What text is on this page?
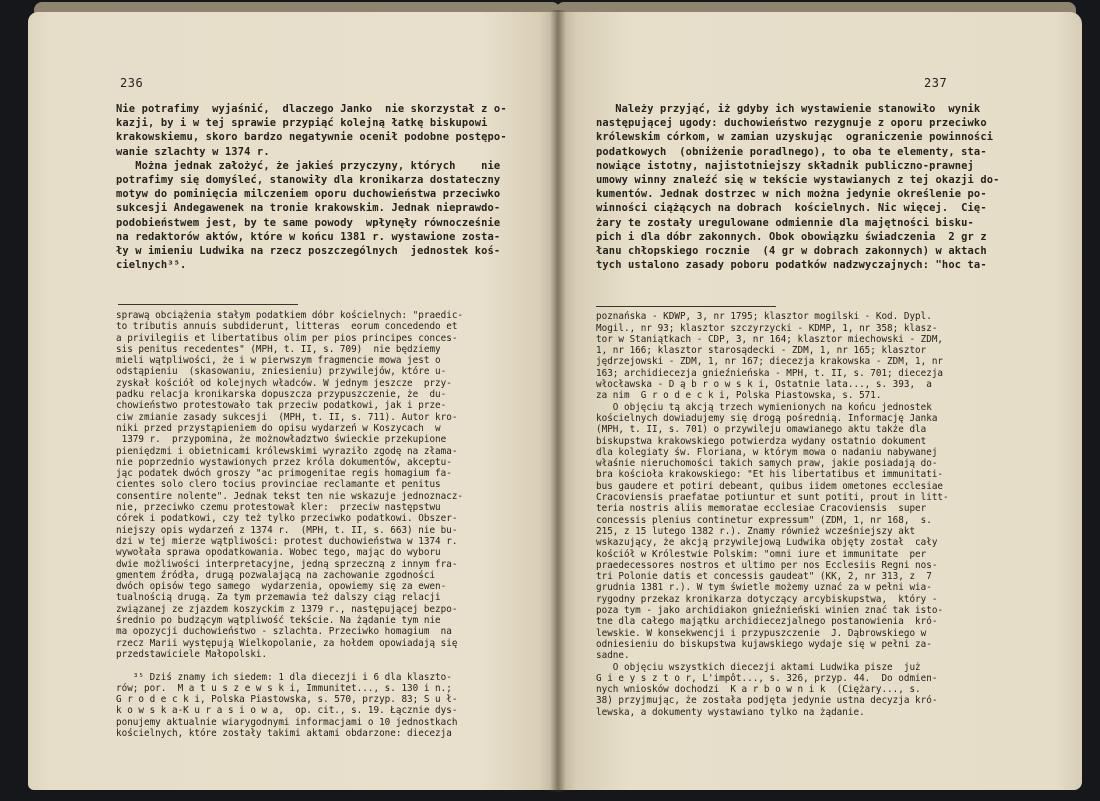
236
Nie potrafimy  wyjaśnić,  dlaczego Janko  nie skorzystał z o-
kazji, by i w tej sprawie przypiąć kolejną łatkę biskupowi
krakowskiemu, skoro bardzo negatywnie ocenił podobne postępo-
wanie szlachty w 1374 r.
Można jednak założyć, że jakieś przyczyny, których    nie
potrafimy się domyśleć, stanowiły dla kronikarza dostateczny
motyw do pominięcia milczeniem oporu duchowieństwa przeciwko
sukcesji Andegawenek na tronie krakowskim. Jednak nieprawdo-
podobieństwem jest, by te same powody  wpłynęły równocześnie
na redaktorów aktów, które w końcu 1381 r. wystawione zosta-
ły w imieniu Ludwika na rzecz poszczególnych  jednostek koś-
cielnych³⁵.
sprawą obciążenia stałym podatkiem dóbr kościelnych: "praedic-
to tributis annuis subdiderunt, litteras  eorum concedendo et
a privilegiis et libertatibus olim per pios principes conces-
sis penitus recedentes" (MPH, t. II, s. 709)  nie będziemy
mieli wątpliwości, że i w pierwszym fragmencie mowa jest o
odstąpieniu  (skasowaniu, zniesieniu) przywilejów, które u-
zyskał kościół od kolejnych władców. W jednym jeszcze  przy-
padku relacja kronikarska dopuszcza przypuszczenie, że  du-
chowieństwo protestowało tak przeciw podatkowi, jak i prze-
ciw zmianie zasady sukcesji  (MPH, t. II, s. 711). Autor kro-
niki przed przystąpieniem do opisu wydarzeń w Koszycach  w
1379 r.  przypomina, że możnowładztwo świeckie przekupione
pieniędzmi i obietnicami królewskimi wyraziło zgodę na złama-
nie poprzednio wystawionych przez króla dokumentów, akceptu-
jąc podatek dwóch groszy "ac primogenitae regis homagium fa-
cientes solo clero tocius provinciae reclamante et penitus
consentire nolente". Jednak tekst ten nie wskazuje jednoznacz-
nie, przeciwko czemu protestował kler:  przeciw następstwu
córek i podatkowi, czy też tylko przeciwko podatkowi. Obszer-
niejszy opis wydarzeń z 1374 r.  (MPH, t. II, s. 663) nie bu-
dzi w tej mierze wątpliwości: protest duchowieństwa w 1374 r.
wywołała sprawa opodatkowania. Wobec tego, mając do wyboru
dwie możliwości interpretacyjne, jedną sprzeczną z innym fra-
gmentem źródła, drugą pozwalającą na zachowanie zgodności
dwóch opisów tego samego  wydarzenia, opowiemy się za ewen-
tualnością drugą. Za tym przemawia też dalszy ciąg relacji
związanej ze zjazdem koszyckim z 1379 r., następującej bezpo-
średnio po budzącym wątpliwość tekście. Na żądanie tym nie
ma opozycji duchowieństwo - szlachta. Przeciwko homagium  na
rzecz Marii występują Wielkopolanie, za hołdem opowiadają się
przedstawiciele Małopolski.

³⁵ Dziś znamy ich siedem: 1 dla diecezji i 6 dla klasztо-
rów; por.  M a t u s z e w s k i, Immunitet..., s. 130 i n.;
G r o d e c k i, Polska Piastowska, s. 570, przyp. 83; S u ł-
k o w s k a-K u r a s i o w a,  op. cit., s. 19. Łącznie dys-
ponujemy aktualnie wiarygodnymi informacjami o 10 jednostkach
kościelnych, które zostały takimi aktami obdarzone: diecezja
237
Należy przyjąć, iż gdyby ich wystawienie stanowiło  wynik
następującej ugody: duchowieństwo rezygnuje z oporu przeciwko
królewskim córkom, w zamian uzyskując  ograniczenie powinności
podatkowych  (obniżenie poradlnego), to oba te elementy, sta-
nowiące istotny, najistotniejszy składnik publiczno-prawnej
umowy winny znaleźć się w tekście wystawianych z tej okazji do-
kumentów. Jednak dostrzec w nich można jedynie określenie po-
winności ciążących na dobrach  kościelnych. Nic więcej.  Cię-
żary te zostały uregulowane odmiennie dla majętności bisku-
pich i dla dóbr zakonnych. Obok obowiązku świadczenia  2 gr z
łanu chłopskiego rocznie  (4 gr w dobrach zakonnych) w aktach
tych ustalono zasady poboru podatków nadzwyczajnych: "hoc ta-

poznańska - KDWP, 3, nr 1795; klasztor mogilski - Kod. Dypl.
Mogil., nr 93; klasztor szczyrzycki - KDMP, 1, nr 358; klasz-
tor w Staniątkach - CDP, 3, nr 164; klasztor miechowski - ZDM,
1, nr 166; klasztor starosądecki - ZDM, 1, nr 165; klasztor
jędrzejowski - ZDM, 1, nr 167; diecezja krakowska - ZDM, 1, nr
163; archidiecezja gnieźnieńska - MPH, t. II, s. 701; diecezja
włocławska - D ą b r o w s k i, Ostatnie lata..., s. 393,  a
za nim  G r o d e c k i, Polska Piastowska, s. 571.
O objęciu tą akcją trzech wymienionych na końcu jednostek
kościelnych dowiadujemy się drogą pośrednią. Informację Janka
(MPH, t. II, s. 701) o przywileju omawianego aktu także dla
biskupstwa krakowskiego potwierdza wydany ostatnio dokument
dla kolegiaty św. Floriana, w którym mowa o nadaniu nabywanej
właśnie nieruchomości takich samych praw, jakie posiadają do-
bra kościoła krakowskiego: "Et his libertatibus et immunitati-
bus gaudere et potiri debeant, quibus iidem ometones ecclesiae
Cracoviensis praefatae potiuntur et sunt potiti, prout in litt-
teria nostris aliis memoratae ecclesiae Cracoviensis  super
concessis plenius continetur expressum" (ZDM, 1, nr 168,  s.
215, z 15 lutego 1382 r.). Znamy również wcześniejszy akt
wskazujący, że akcją przywilejową Ludwika objęty został  cały
kościół w Królestwie Polskim: "omni iure et immunitate  per
praedecessores nostros et ultimo per nos Ecclesiis Regni nos-
tri Polonie datis et concessis gaudeat" (KK, 2, nr 313, z  7
grudnia 1381 r.). W tym świetle możemy uznać za w pełni wia-
rygodny przekaz kronikarza dotyczący arcybiskupstwa,  który -
poza tym - jako archidiakon gnieźnieński winien znać tak isto-
tne dla całego majątku archidiecezjalnego postanowienia  kró-
lewskie. W konsekwencji i przypuszczenie  J. Dąbrowskiego w
odniesieniu do biskupstwa kujawskiego wydaje się w pełni za-
sadne.
O objęciu wszystkich diecezji aktami Ludwika pisze  już
G i e y s z t o r, L'impôt..., s. 326, przyp. 44.  Do odmien-
nych wniosków dochodzi  K a r b o w n i k  (Ciężary..., s.
38) przyjmując, że została podjęta jedynie ustna decyzja kró-
lewska, a dokumenty wystawiano tylko na żądanie.
